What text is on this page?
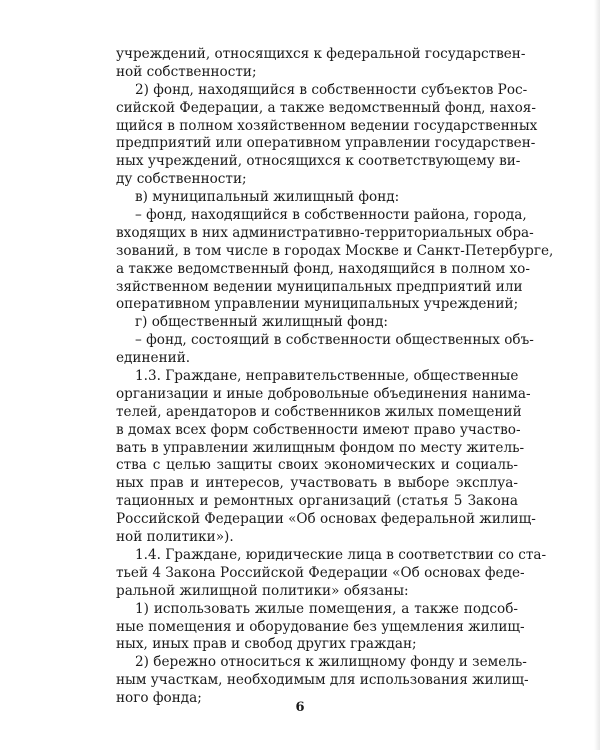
учреждений, относящихся к федеральной государствен-
ной собственности;
2) фонд, находящийся в собственности субъектов Рос-
сийской Федерации, а также ведомственный фонд, нахоя-
щийся в полном хозяйственном ведении государственных
предприятий или оперативном управлении государствен-
ных учреждений, относящихся к соответствующему ви-
ду собственности;
в) муниципальный жилищный фонд:
– фонд, находящийся в собственности района, города,
входящих в них административно-территориальных обра-
зований, в том числе в городах Москве и Санкт-Петербурге,
а также ведомственный фонд, находящийся в полном хо-
зяйственном ведении муниципальных предприятий или
оперативном управлении муниципальных учреждений;
г) общественный жилищный фонд:
– фонд, состоящий в собственности общественных объ-
единений.
1.3. Граждане, неправительственные, общественные
организации и иные добровольные объединения нанима-
телей, арендаторов и собственников жилых помещений
в домах всех форм собственности имеют право участво-
вать в управлении жилищным фондом по месту житель-
ства с целью защиты своих экономических и социаль-
ных прав и интересов, участвовать в выборе эксплуа-
тационных и ремонтных организаций (статья 5 Закона
Российской Федерации «Об основах федеральной жилищ-
ной политики»).
1.4. Граждане, юридические лица в соответствии со ста-
тьей 4 Закона Российской Федерации «Об основах феде-
ральной жилищной политики» обязаны:
1) использовать жилые помещения, а также подсоб-
ные помещения и оборудование без ущемления жилищ-
ных, иных прав и свобод других граждан;
2) бережно относиться к жилищному фонду и земель-
ным участкам, необходимым для использования жилищ-
ного фонда;
6
